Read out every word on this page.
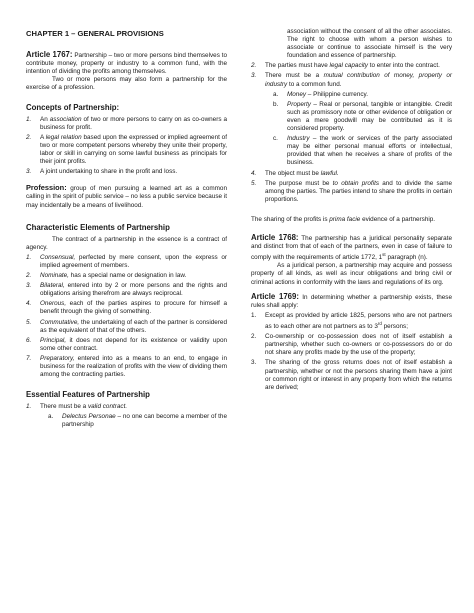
CHAPTER 1 – GENERAL PROVISIONS

Article 1767: Partnership – two or more persons bind themselves to contribute money, property or industry to a common fund, with the intention of dividing the profits among themselves.

Two or more persons may also form a partnership for the exercise of a profession.

Concepts of Partnership:

1. An association of two or more persons to carry on as co-owners a business for profit.
2. A legal relation based upon the expressed or implied agreement of two or more competent persons whereby they unite their property, labor or skill in carrying on some lawful business as principals for their joint profits.
3. A joint undertaking to share in the profit and loss.

Profession: group of men pursuing a learned art as a common calling in the spirit of public service – no less a public service because it may incidentally be a means of livelihood.

Characteristic Elements of Partnership

The contract of a partnership in the essence is a contract of agency.

1. Consensual, perfected by mere consent, upon the express or implied agreement of members.
2. Nominate, has a special name or designation in law.
3. Bilateral, entered into by 2 or more persons and the rights and obligations arising therefrom are always reciprocal.
4. Onerous, each of the parties aspires to procure for himself a benefit through the giving of something.
5. Commutative, the undertaking of each of the partner is considered as the equivalent of that of the others.
6. Principal, it does not depend for its existence or validity upon some other contract.
7. Preparatory, entered into as a means to an end, to engage in business for the realization of profits with the view of dividing them among the contracting parties.

Essential Features of Partnership

1. There must be a valid contract.
a. Delectus Personae – no one can become a member of the partnership

association without the consent of all the other associates. The right to choose with whom a person wishes to associate or continue to associate himself is the very foundation and essence of partnership.

2. The parties must have legal capacity to enter into the contract.
3. There must be a mutual contribution of money, property or industry to a common fund.
a. Money – Philippine currency.
b. Property – Real or personal, tangible or intangible. Credit such as promissory note or other evidence of obligation or even a mere goodwill may be contributed as it is considered property.
c. Industry – the work or services of the party associated may be either personal manual efforts or intellectual, provided that when he receives a share of profits of the business.
4. The object must be lawful.
5. The purpose must be to obtain profits and to divide the same among the parties. The parties intend to share the profits in certain proportions.

The sharing of the profits is prima facie evidence of a partnership.

Article 1768: The partnership has a juridical personality separate and distinct from that of each of the partners, even in case of failure to comply with the requirements of article 1772, 1st paragraph (n).

As a juridical person, a partnership may acquire and possess property of all kinds, as well as incur obligations and bring civil or criminal actions in conformity with the laws and regulations of its org.

Article 1769: In determining whether a partnership exists, these rules shall apply:

1. Except as provided by article 1825, persons who are not partners as to each other are not partners as to 3rd persons;
2. Co-ownership or co-possession does not of itself establish a partnership, whether such co-owners or co-possessors do or do not share any profits made by the use of the property;
3. The sharing of the gross returns does not of itself establish a partnership, whether or not the persons sharing them have a joint or common right or interest in any property from which the returns are derived;
